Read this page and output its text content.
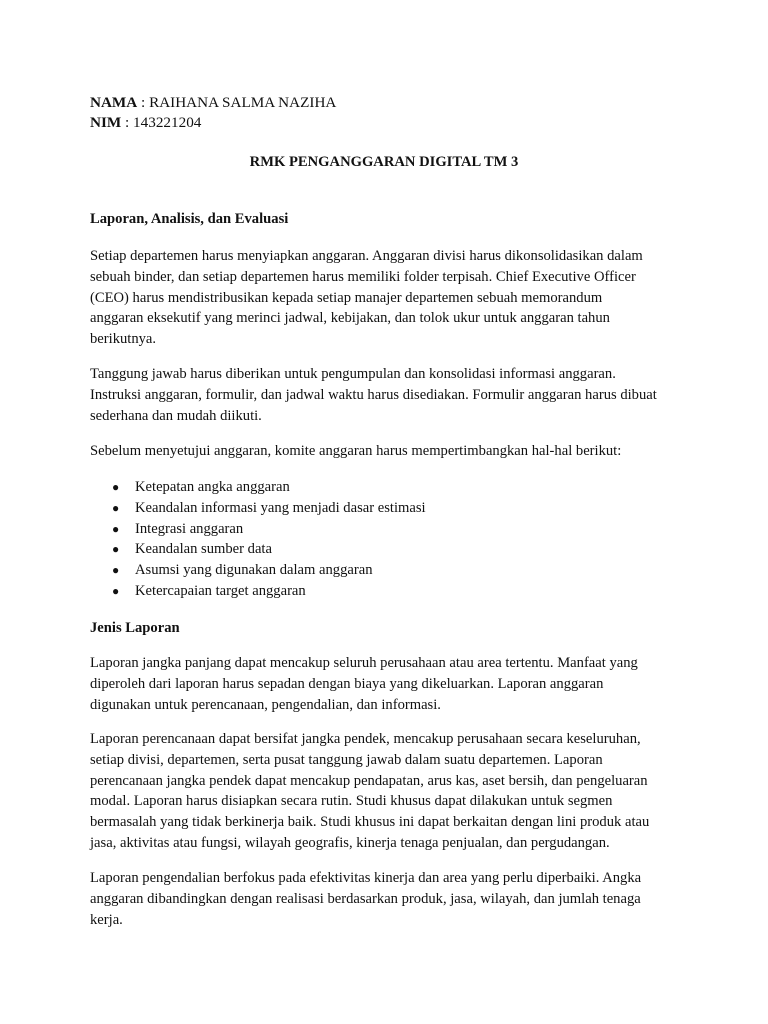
NAMA : RAIHANA SALMA NAZIHA
NIM : 143221204
RMK PENGANGGARAN DIGITAL TM 3
Laporan, Analisis, dan Evaluasi

Setiap departemen harus menyiapkan anggaran. Anggaran divisi harus dikonsolidasikan dalam

sebuah binder, dan setiap departemen harus memiliki folder terpisah. Chief Executive Officer

(CEO) harus mendistribusikan kepada setiap manajer departemen sebuah memorandum

anggaran eksekutif yang merinci jadwal, kebijakan, dan tolok ukur untuk anggaran tahun

berikutnya.

Tanggung jawab harus diberikan untuk pengumpulan dan konsolidasi informasi anggaran.

Instruksi anggaran, formulir, dan jadwal waktu harus disediakan. Formulir anggaran harus dibuat

sederhana dan mudah diikuti.

Sebelum menyetujui anggaran, komite anggaran harus mempertimbangkan hal-hal berikut:

● Ketepatan angka anggaran
● Keandalan informasi yang menjadi dasar estimasi
● Integrasi anggaran
● Keandalan sumber data
● Asumsi yang digunakan dalam anggaran
● Ketercapaian target anggaran
Jenis Laporan

Laporan jangka panjang dapat mencakup seluruh perusahaan atau area tertentu. Manfaat yang

diperoleh dari laporan harus sepadan dengan biaya yang dikeluarkan. Laporan anggaran

digunakan untuk perencanaan, pengendalian, dan informasi.

Laporan perencanaan dapat bersifat jangka pendek, mencakup perusahaan secara keseluruhan,

setiap divisi, departemen, serta pusat tanggung jawab dalam suatu departemen. Laporan

perencanaan jangka pendek dapat mencakup pendapatan, arus kas, aset bersih, dan pengeluaran

modal. Laporan harus disiapkan secara rutin. Studi khusus dapat dilakukan untuk segmen

bermasalah yang tidak berkinerja baik. Studi khusus ini dapat berkaitan dengan lini produk atau

jasa, aktivitas atau fungsi, wilayah geografis, kinerja tenaga penjualan, dan pergudangan.

Laporan pengendalian berfokus pada efektivitas kinerja dan area yang perlu diperbaiki. Angka

anggaran dibandingkan dengan realisasi berdasarkan produk, jasa, wilayah, dan jumlah tenaga

kerja.
